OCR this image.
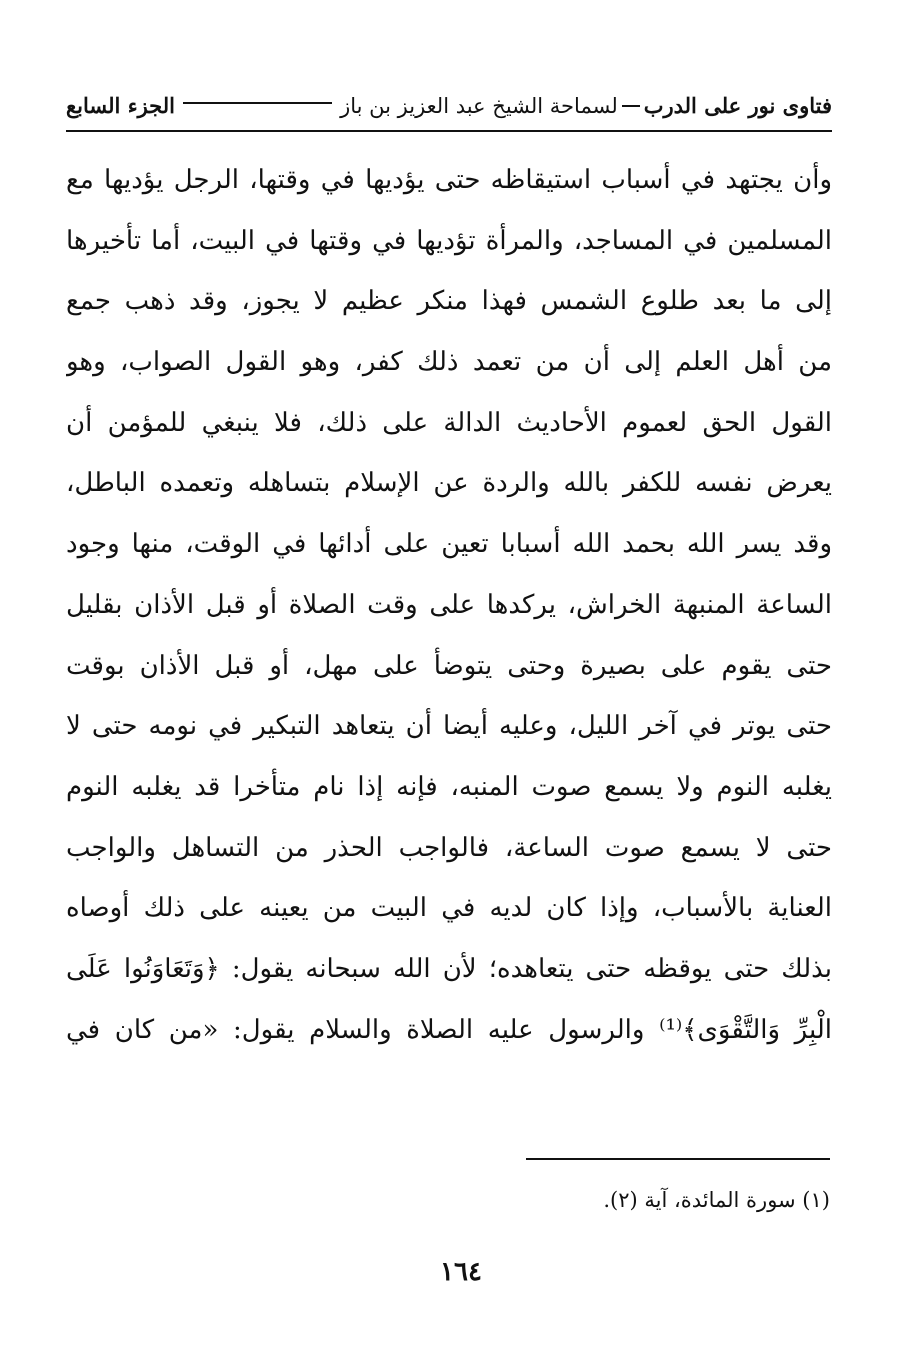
فتاوى نور على الدربلسماحة الشيخ عبد العزيز بن باز
الجزء السابع
وأن يجتهد في أسباب استيقاظه حتى يؤديها في وقتها، الرجل يؤديها مع
المسلمين في المساجد، والمرأة تؤديها في وقتها في البيت، أما تأخيرها
إلى ما بعد طلوع الشمس فهذا منكر عظيم لا يجوز، وقد ذهب جمع
من أهل العلم إلى أن من تعمد ذلك كفر، وهو القول الصواب، وهو
القول الحق لعموم الأحاديث الدالة على ذلك، فلا ينبغي للمؤمن أن
يعرض نفسه للكفر بالله والردة عن الإسلام بتساهله وتعمده الباطل،
وقد يسر الله بحمد الله أسبابا تعين على أدائها في الوقت، منها وجود
الساعة المنبهة الخراش، يركدها على وقت الصلاة أو قبل الأذان بقليل
حتى يقوم على بصيرة وحتى يتوضأ على مهل، أو قبل الأذان بوقت
حتى يوتر في آخر الليل، وعليه أيضا أن يتعاهد التبكير في نومه حتى لا
يغلبه النوم ولا يسمع صوت المنبه، فإنه إذا نام متأخرا قد يغلبه النوم
حتى لا يسمع صوت الساعة، فالواجب الحذر من التساهل والواجب
العناية بالأسباب، وإذا كان لديه في البيت من يعينه على ذلك أوصاه
بذلك حتى يوقظه حتى يتعاهده؛ لأن الله سبحانه يقول: ﴿وَتَعَاوَنُوا عَلَى
الْبِرِّ وَالتَّقْوَى﴾⁽¹⁾ والرسول عليه الصلاة والسلام يقول: «من كان في
(١) سورة المائدة، آية (٢).
١٦٤
